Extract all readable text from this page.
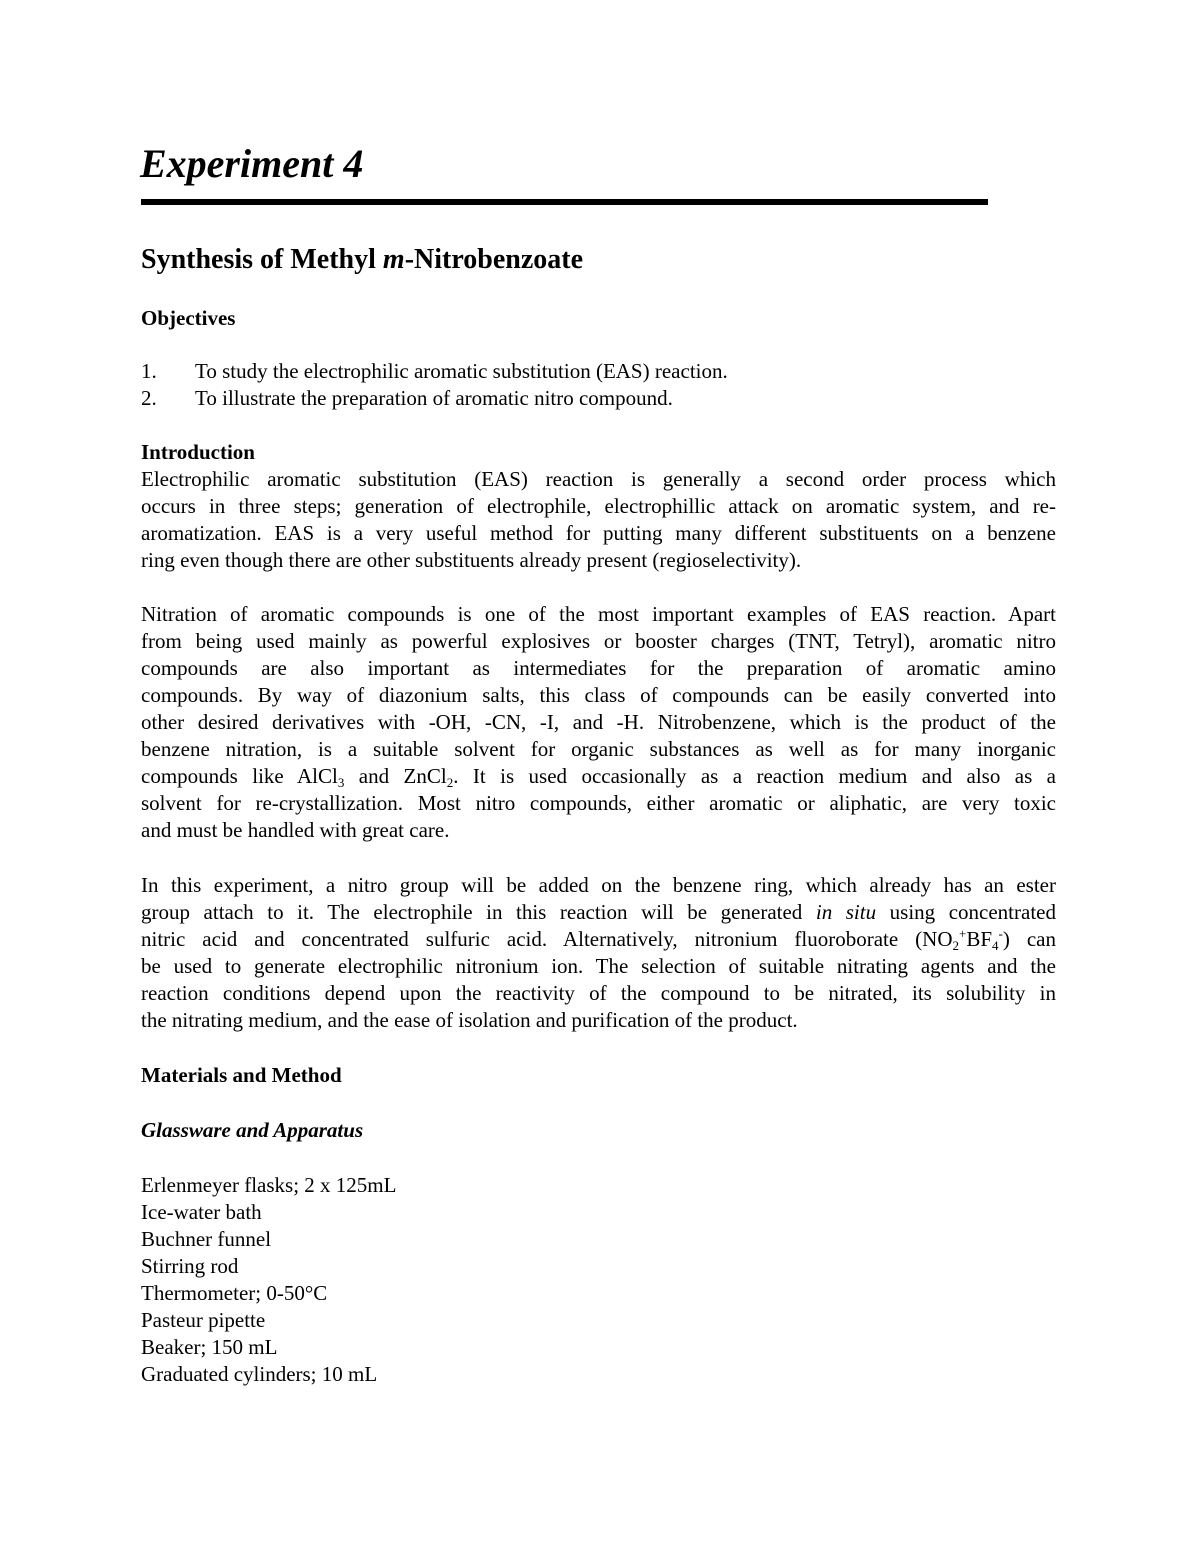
Experiment 4
Synthesis of Methyl m-Nitrobenzoate
Objectives
1. To study the electrophilic aromatic substitution (EAS) reaction.
2. To illustrate the preparation of aromatic nitro compound.
Introduction
Electrophilic aromatic substitution (EAS) reaction is generally a second order process which
occurs in three steps; generation of electrophile, electrophillic attack on aromatic system, and re-
aromatization. EAS is a very useful method for putting many different substituents on a benzene
ring even though there are other substituents already present (regioselectivity).
Nitration of aromatic compounds is one of the most important examples of EAS reaction. Apart
from being used mainly as powerful explosives or booster charges (TNT, Tetryl), aromatic nitro
compounds are also important as intermediates for the preparation of aromatic amino
compounds. By way of diazonium salts, this class of compounds can be easily converted into
other desired derivatives with -OH, -CN, -I, and -H. Nitrobenzene, which is the product of the
benzene nitration, is a suitable solvent for organic substances as well as for many inorganic
compounds like AlCl$_3$ and ZnCl$_2$. It is used occasionally as a reaction medium and also as a
solvent for re-crystallization. Most nitro compounds, either aromatic or aliphatic, are very toxic
and must be handled with great care.
In this experiment, a nitro group will be added on the benzene ring, which already has an ester
group attach to it. The electrophile in this reaction will be generated in situ using concentrated
nitric acid and concentrated sulfuric acid. Alternatively, nitronium fluoroborate $(NO_2^+BF_4^-)$ can
be used to generate electrophilic nitronium ion. The selection of suitable nitrating agents and the
reaction conditions depend upon the reactivity of the compound to be nitrated, its solubility in
the nitrating medium, and the ease of isolation and purification of the product.
Materials and Method
Glassware and Apparatus
Erlenmeyer flasks; 2 x 125mL
Ice-water bath
Buchner funnel
Stirring rod
Thermometer; 0-50°C
Pasteur pipette
Beaker; 150 mL
Graduated cylinders; 10 mL
